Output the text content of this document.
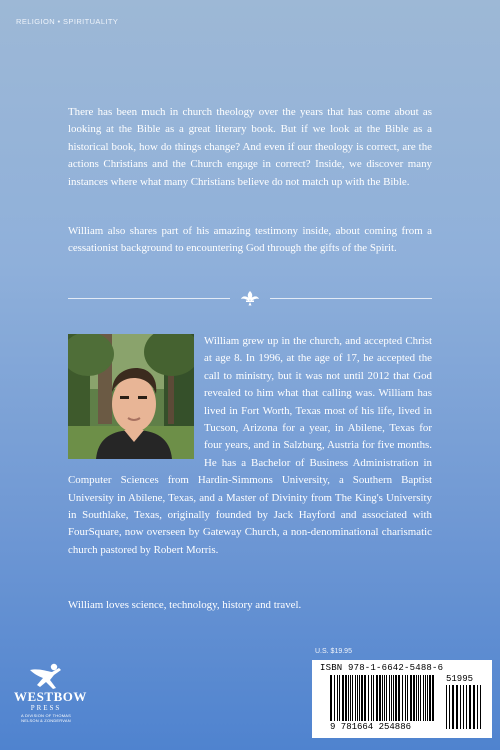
RELIGION • SPIRITUALITY

There has been much in church theology over the years that has come about as looking at the Bible as a great literary book. But if we look at the Bible as a historical book, how do things change? And even if our theology is correct, are the actions Christians and the Church engage in correct? Inside, we discover many instances where what many Christians believe do not match up with the Bible.

William also shares part of his amazing testimony inside, about coming from a cessationist background to encountering God through the gifts of the Spirit.

William grew up in the church, and accepted Christ at age 8. In 1996, at the age of 17, he accepted the call to ministry, but it was not until 2012 that God revealed to him what that calling was. William has lived in Fort Worth, Texas most of his life, lived in Tucson, Arizona for a year, in Abilene, Texas for four years, and in Salzburg, Austria for five months. He has a Bachelor of Business Administration in Computer Sciences from Hardin-Simmons University, a Southern Baptist University in Abilene, Texas, and a Master of Divinity from The King's University in Southlake, Texas, originally founded by Jack Hayford and associated with FourSquare, now overseen by Gateway Church, a non-denominational charismatic church pastored by Robert Morris.

William loves science, technology, history and travel.

WESTBOW
PRESS
A DIVISION OF THOMAS NELSON & ZONDERVAN
U.S. $19.95
ISBN 978-1-6642-5488-6
9 781664 254886
51995
